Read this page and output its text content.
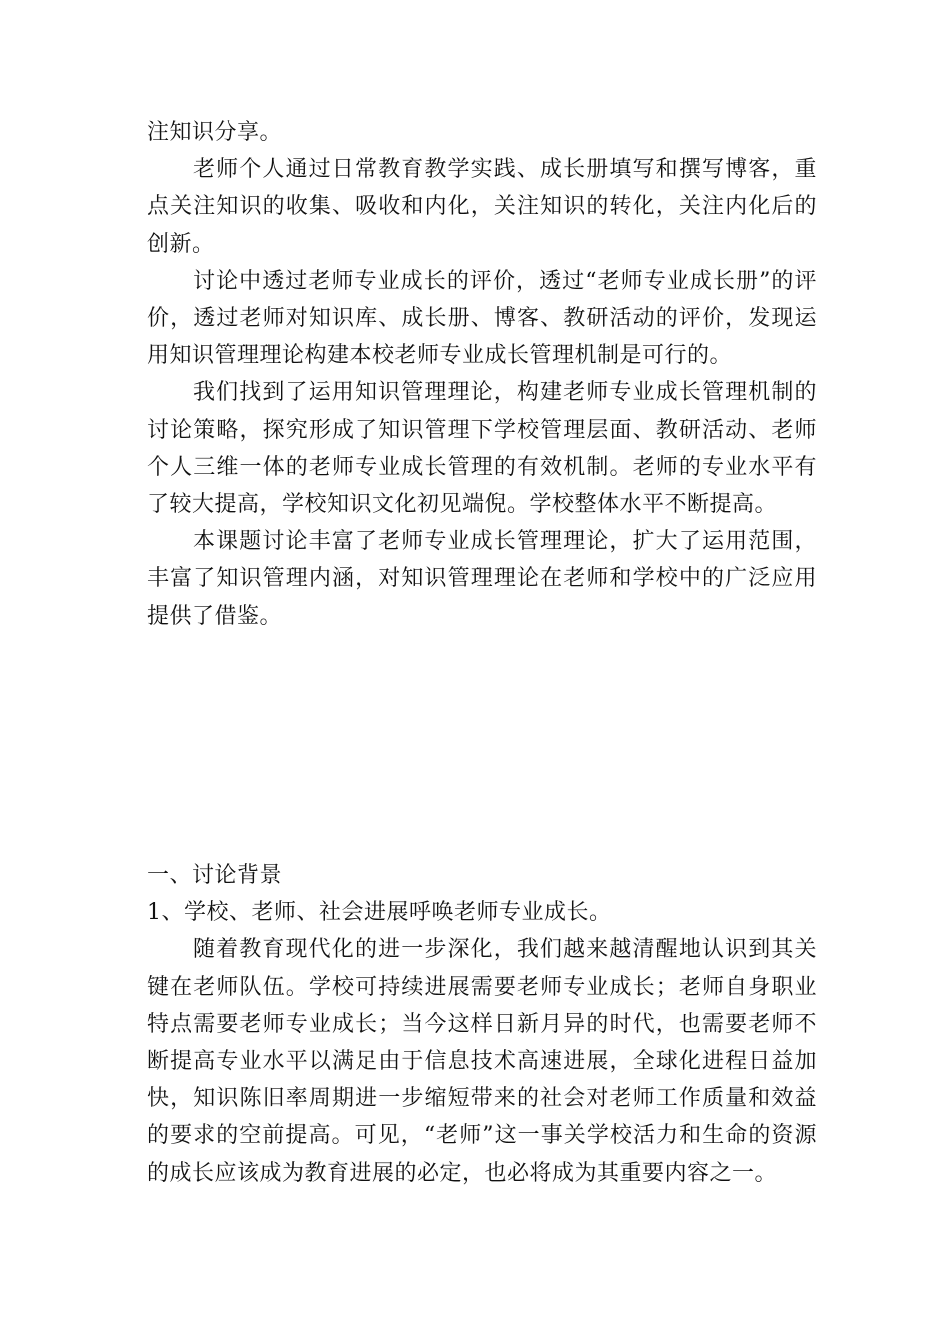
注知识分享。

老师个人通过日常教育教学实践、成长册填写和撰写博客，重点关注知识的收集、吸收和内化，关注知识的转化，关注内化后的创新。

讨论中透过老师专业成长的评价，透过“老师专业成长册”的评价，透过老师对知识库、成长册、博客、教研活动的评价，发现运用知识管理理论构建本校老师专业成长管理机制是可行的。

我们找到了运用知识管理理论，构建老师专业成长管理机制的讨论策略，探究形成了知识管理下学校管理层面、教研活动、老师个人三维一体的老师专业成长管理的有效机制。老师的专业水平有了较大提高，学校知识文化初见端倪。学校整体水平不断提高。

本课题讨论丰富了老师专业成长管理理论，扩大了运用范围，丰富了知识管理内涵，对知识管理理论在老师和学校中的广泛应用提供了借鉴。

一、讨论背景

1、学校、老师、社会进展呼唤老师专业成长。

随着教育现代化的进一步深化，我们越来越清醒地认识到其关键在老师队伍。学校可持续进展需要老师专业成长；老师自身职业特点需要老师专业成长；当今这样日新月异的时代，也需要老师不断提高专业水平以满足由于信息技术高速进展，全球化进程日益加快，知识陈旧率周期进一步缩短带来的社会对老师工作质量和效益的要求的空前提高。可见，“老师”这一事关学校活力和生命的资源的成长应该成为教育进展的必定，也必将成为其重要内容之一。
